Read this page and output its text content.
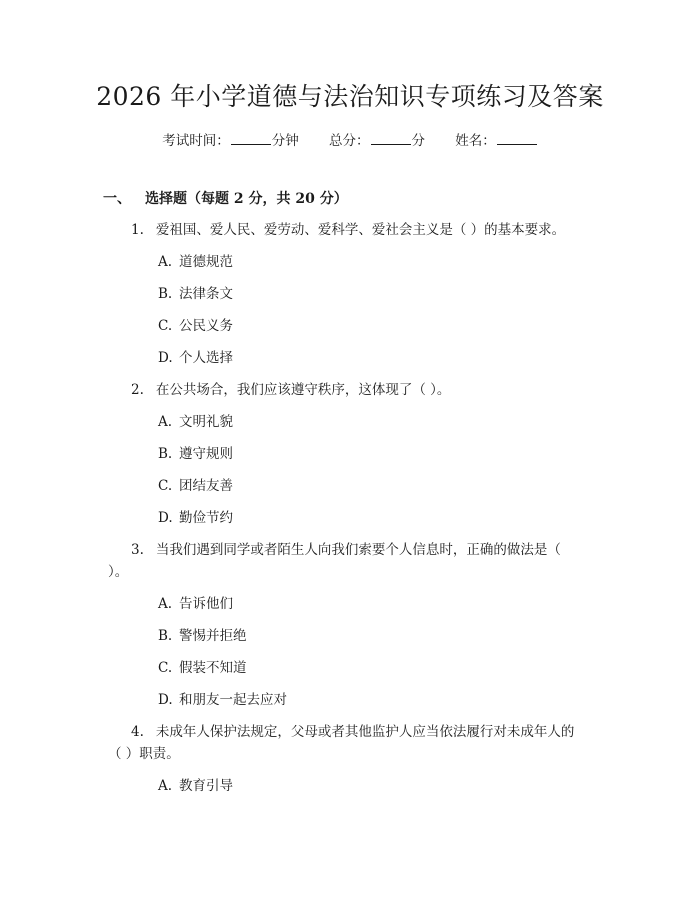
2026 年小学道德与法治知识专项练习及答案
考试时间：	分钟 总分：	分 姓名：
一、 选择题（每题 2 分，共 20 分）
1. 爱祖国、爱人民、爱劳动、爱科学、爱社会主义是（ ）的基本要求。
A. 道德规范
B. 法律条文
C. 公民义务
D. 个人选择
2. 在公共场合，我们应该遵守秩序，这体现了（ ）。
A. 文明礼貌
B. 遵守规则
C. 团结友善
D. 勤俭节约
3. 当我们遇到同学或者陌生人向我们索要个人信息时，正确的做法是（ ）。
A. 告诉他们
B. 警惕并拒绝
C. 假装不知道
D. 和朋友一起去应对
4. 未成年人保护法规定，父母或者其他监护人应当依法履行对未成年人的（ ）职责。
A. 教育引导
